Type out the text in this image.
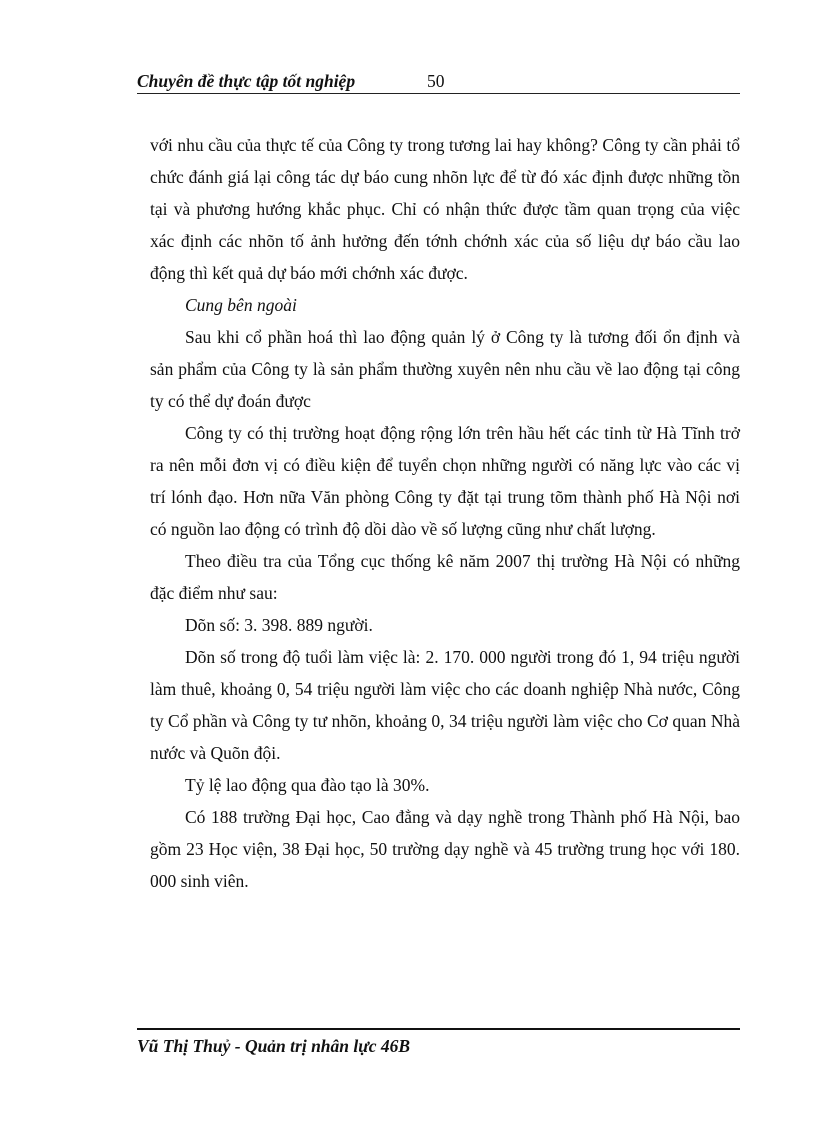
Chuyên đề thực tập tốt nghiệp	50

với nhu cầu của thực tế của Công ty trong tương lai hay không? Công ty cần phải tổ chức đánh giá lại công tác dự báo cung nhõn lực để từ đó xác định được những tồn tại và phương hướng khắc phục. Chỉ có nhận thức được tầm quan trọng của việc xác định các nhõn tố ảnh hưởng đến tớnh chớnh xác của số liệu dự báo cầu lao động thì kết quả dự báo mới chớnh xác được.

Cung bên ngoài

Sau khi cổ phần hoá thì lao động quản lý ở Công ty là tương đối ổn định và sản phẩm của Công ty là sản phẩm thường xuyên nên nhu cầu về lao động tại công ty có thể dự đoán được

Công ty có thị trường hoạt động rộng lớn trên hầu hết các tỉnh từ Hà Tĩnh trở ra nên mỗi đơn vị có điều kiện để tuyển chọn những người có năng lực vào các vị trí lónh đạo. Hơn nữa Văn phòng Công ty đặt tại trung tõm thành phố Hà Nội nơi có nguồn lao động có trình độ dồi dào về số lượng cũng như chất lượng.

Theo điều tra của Tổng cục thống kê năm 2007 thị trường Hà Nội có những đặc điểm như sau:

Dõn số: 3. 398. 889 người.

Dõn số trong độ tuổi làm việc là: 2. 170. 000 người trong đó 1, 94 triệu người làm thuê, khoảng 0, 54 triệu người làm việc cho các doanh nghiệp Nhà nước, Công ty Cổ phần và Công ty tư nhõn, khoảng 0, 34 triệu người làm việc cho Cơ quan Nhà nước và Quõn đội.

Tỷ lệ lao động qua đào tạo là 30%.

Có 188 trường Đại học, Cao đẳng và dạy nghề trong Thành phố Hà Nội, bao gồm 23 Học viện, 38 Đại học, 50 trường dạy nghề và 45 trường trung học với 180. 000 sinh viên.

Vũ Thị Thuỷ - Quản trị nhân lực 46B
